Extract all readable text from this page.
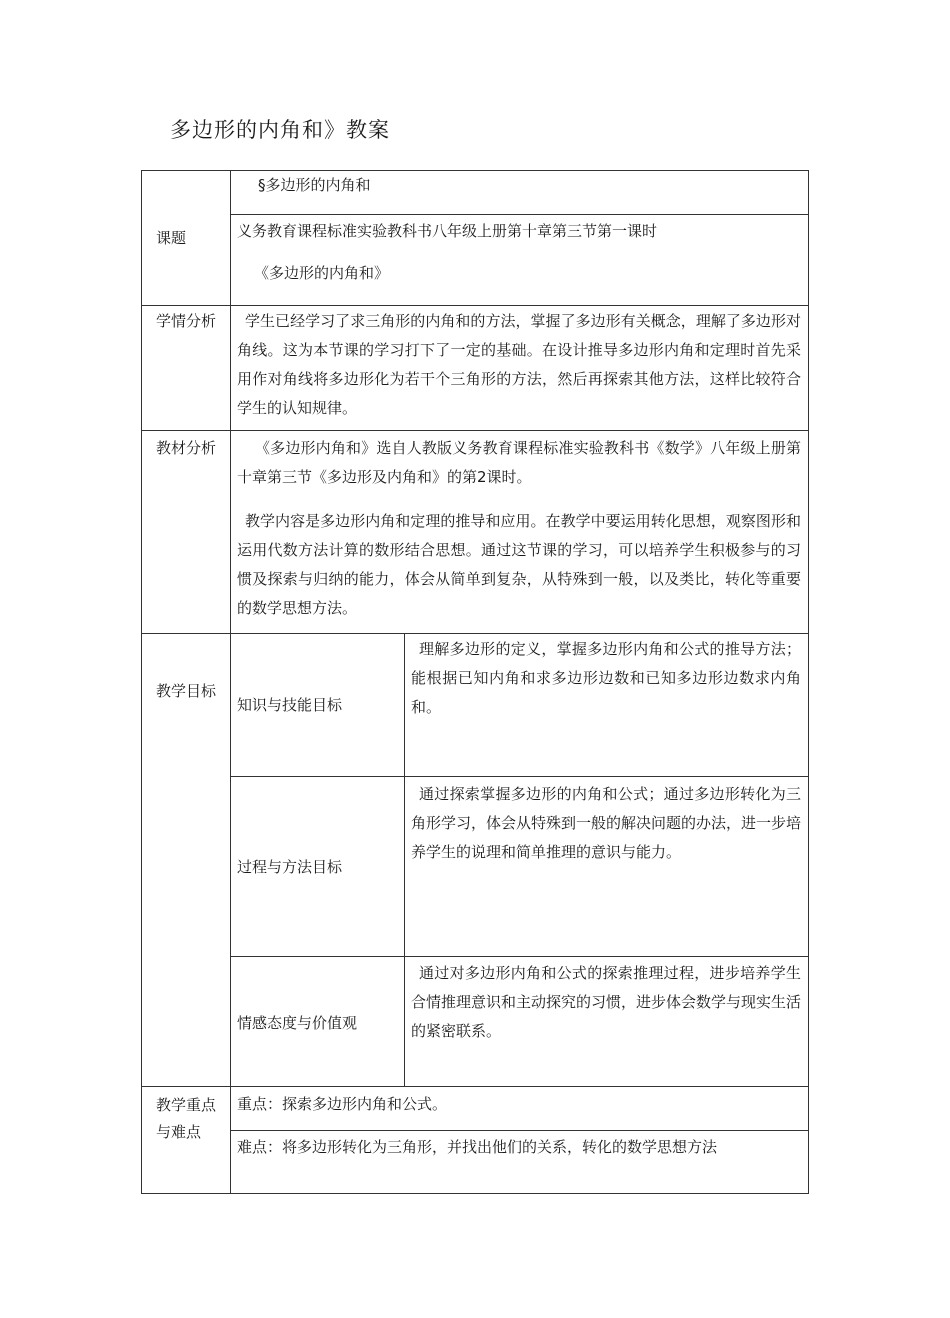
多边形的内角和》教案
课题
§多边形的内角和
义务教育课程标准实验教科书八年级上册第十章第三节第一课时
《多边形的内角和》
学情分析	学生已经学习了求三角形的内角和的方法，掌握了多边形有关概念，理解了多边形对角线。这为本节课的学习打下了一定的基础。在设计推导多边形内角和定理时首先采用作对角线将多边形化为若干个三角形的方法，然后再探索其他方法，这样比较符合学生的认知规律。
教材分析	《多边形内角和》选自人教版义务教育课程标准实验教科书《数学》八年级上册第十章第三节《多边形及内角和》的第2课时。
教学内容是多边形内角和定理的推导和应用。在教学中要运用转化思想，观察图形和运用代数方法计算的数形结合思想。通过这节课的学习，可以培养学生积极参与的习惯及探索与归纳的能力，体会从简单到复杂，从特殊到一般，以及类比，转化等重要的数学思想方法。
教学目标
知识与技能目标
理解多边形的定义，掌握多边形内角和公式的推导方法；能根据已知内角和求多边形边数和已知多边形边数求内角和。
过程与方法目标
通过探索掌握多边形的内角和公式；通过多边形转化为三角形学习，体会从特殊到一般的解决问题的办法，进一步培养学生的说理和简单推理的意识与能力。
情感态度与价值观
通过对多边形内角和公式的探索推理过程，进步培养学生合情推理意识和主动探究的习惯，进步体会数学与现实生活的紧密联系。
教学重点
与难点
重点：探索多边形内角和公式。
难点：将多边形转化为三角形，并找出他们的关系，转化的数学思想方法
